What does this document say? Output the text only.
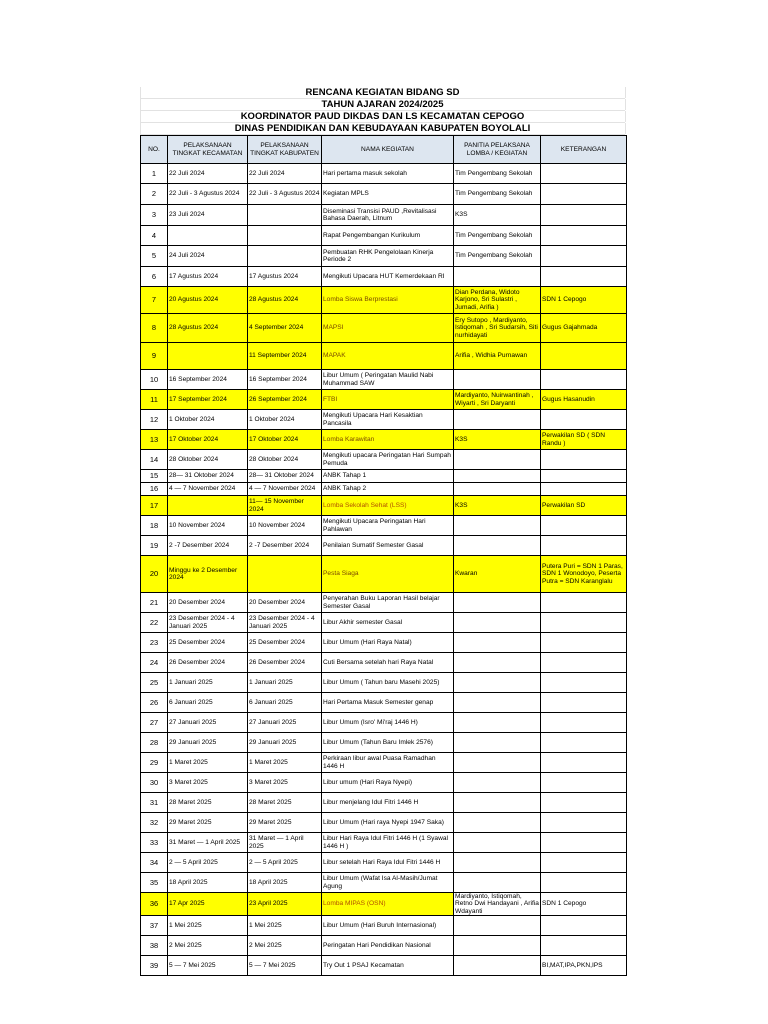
RENCANA KEGIATAN BIDANG SD
TAHUN AJARAN 2024/2025
KOORDINATOR PAUD DIKDAS DAN LS KECAMATAN CEPOGO
DINAS PENDIDIKAN DAN KEBUDAYAAN KABUPATEN BOYOLALI
NO.	PELAKSANAAN TINGKAT KECAMATAN	PELAKSANAAN TINGKAT KABUPATEN	NAMA KEGIATAN	PANITIA PELAKSANA LOMBA / KEGIATAN	KETERANGAN
1	22 Juli 2024	22 Juli 2024	Hari pertama masuk sekolah	Tim Pengembang Sekolah	
2	22 Juli - 3 Agustus 2024	22 Juli - 3 Agustus 2024	Kegiatan MPLS	Tim Pengembang Sekolah	
3	23 Juli 2024		Diseminasi Transisi PAUD ,Revitalisasi Bahasa Daerah, Litnum	K3S	
4			Rapat Pengembangan Kurikulum	Tim Pengembang Sekolah	
5	24 Juli 2024		Pembuatan RHK Pengelolaan Kinerja Periode 2	Tim Pengembang Sekolah	
6	17 Agustus 2024	17 Agustus 2024	Mengikuti Upacara HUT Kemerdekaan RI		
7	20 Agustus 2024	28 Agustus 2024	Lomba Siswa Berprestasi	Dian Perdana, Widoto Karjono, Sri Sulastri , Jumadi, Arifia )	SDN 1 Cepogo
8	28 Agustus 2024	4 September 2024	MAPSI	Ery Sutopo , Mardiyanto, Istiqomah , Sri Sudarsih, Siti nurhidayati	Gugus Gajahmada
9		11 September 2024	MAPAK	Arifia , Widhia Purnawan	
10	16 September 2024	16 September 2024	Libur Umum ( Peringatan Maulid Nabi Muhammad SAW		
11	17 September 2024	26 September 2024	FTBI	Mardiyanto, Nuirwantinah , Wiyarti , Sri Daryanti	Gugus Hasanudin
12	1 Oktober 2024	1 Oktober 2024	Mengikuti Upacara Hari Kesaktian Pancasila		
13	17 Oktober 2024	17 Oktober 2024	Lomba Karawitan	K3S	Perwakilan SD ( SDN Randu )
14	28 Oktober 2024	28 Oktober 2024	Mengikuti upacara Peringatan Hari Sumpah Pemuda		
15	28— 31 Oktober 2024	28— 31 Oktober 2024	ANBK Tahap 1		
16	4 — 7 November 2024	4 — 7 November 2024	ANBK Tahap 2		
17		11— 15 November 2024	Lomba Sekolah Sehat (LSS)	K3S	Perwakilan SD
18	10 November 2024	10 November 2024	Mengikuti Upacara Peringatan Hari Pahlawan		
19	2 -7 Desember 2024	2 -7 Desember 2024	Penilaian Sumatif Semester Gasal		
20	Minggu ke 2 Desember 2024		Pesta Siaga	Kwaran	Putera Puri = SDN 1 Paras, SDN 1 Wonodoyo, Peserta Putra = SDN Karanglalu
21	20 Desember 2024	20 Desember 2024	Penyerahan Buku Laporan Hasil belajar Semester Gasal		
22	23 Desember 2024 - 4 Januari 2025	23 Desember 2024 - 4 Januari 2025	Libur Akhir semester Gasal		
23	25 Desember 2024	25 Desember 2024	Libur Umum (Hari Raya Natal)		
24	26 Desember 2024	26 Desember 2024	Cuti Bersama setelah hari Raya Natal		
25	1 Januari 2025	1 Januari 2025	Libur Umum ( Tahun baru Masehi 2025)		
26	6 Januari 2025	6 Januari 2025	Hari Pertama Masuk Semester genap		
27	27 Januari 2025	27 Januari 2025	Libur Umum (Isro' Mi'raj 1446 H)		
28	29 Januari 2025	29 Januari 2025	Libur Umum (Tahun Baru Imlek 2576)		
29	1 Maret 2025	1 Maret 2025	Perkiraan libur awal Puasa Ramadhan 1446 H		
30	3 Maret 2025	3 Maret 2025	Libur umum (Hari Raya Nyepi)		
31	28 Maret 2025	28 Maret 2025	Libur menjelang Idul Fitri 1446 H		
32	29 Maret 2025	29 Maret 2025	Libur Umum (Hari raya Nyepi 1947 Saka)		
33	31 Maret — 1 April 2025	31 Maret — 1 April 2025	Libur Hari Raya Idul Fitri 1446 H (1 Syawal 1446 H )		
34	2 — 5 April 2025	2 — 5 April 2025	Libur setelah Hari Raya Idul Fitri 1446 H		
35	18 April 2025	18 April 2025	Libur Umum (Wafat Isa Al-Masih/Jumat Agung		
36	17 Apr 2025	23 April 2025	Lomba MIPAS (OSN)	Mardiyanto, Istiqomah, Retno Dwi Handayani , Arifia Wdayanti	SDN 1 Cepogo
37	1 Mei 2025	1 Mei 2025	Libur Umum (Hari Buruh Internasional)		
38	2 Mei 2025	2 Mei 2025	Peringatan Hari Pendidikan Nasional		
39	5 — 7 Mei 2025	5 — 7 Mei 2025	Try Out 1 PSAJ Kecamatan		BI,MAT,IPA,PKN,IPS
